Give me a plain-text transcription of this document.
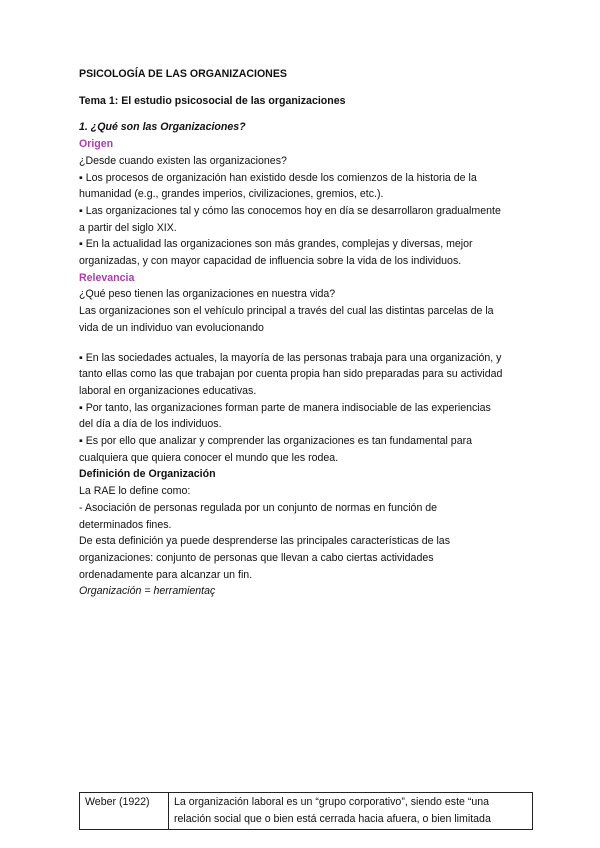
PSICOLOGÍA DE LAS ORGANIZACIONES

Tema 1: El estudio psicosocial de las organizaciones

1. ¿Qué son las Organizaciones?

Origen

¿Desde cuando existen las organizaciones?

▪ Los procesos de organización han existido desde los comienzos de la historia de la

humanidad (e.g., grandes imperios, civilizaciones, gremios, etc.).

▪ Las organizaciones tal y cómo las conocemos hoy en día se desarrollaron gradualmente

a partir del siglo XIX.

▪ En la actualidad las organizaciones son más grandes, complejas y diversas, mejor

organizadas, y con mayor capacidad de influencia sobre la vida de los individuos.

Relevancia

¿Qué peso tienen las organizaciones en nuestra vida?

Las organizaciones son el vehículo principal a través del cual las distintas parcelas de la

vida de un individuo van evolucionando

▪ En las sociedades actuales, la mayoría de las personas trabaja para una organización, y

tanto ellas como las que trabajan por cuenta propia han sido preparadas para su actividad

laboral en organizaciones educativas.

▪ Por tanto, las organizaciones forman parte de manera indisociable de las experiencias

del día a día de los individuos.

▪ Es por ello que analizar y comprender las organizaciones es tan fundamental para

cualquiera que quiera conocer el mundo que les rodea.

Definición de Organización

La RAE lo define como:

- Asociación de personas regulada por un conjunto de normas en función de

determinados fines.

De esta definición ya puede desprenderse las principales características de las

organizaciones: conjunto de personas que llevan a cabo ciertas actividades

ordenadamente para alcanzar un fin.

Organización = herramientaç

Weber (1922)	La organización laboral es un “grupo corporativo”, siendo este “una
relación social que o bien está cerrada hacia afuera, o bien limitada
